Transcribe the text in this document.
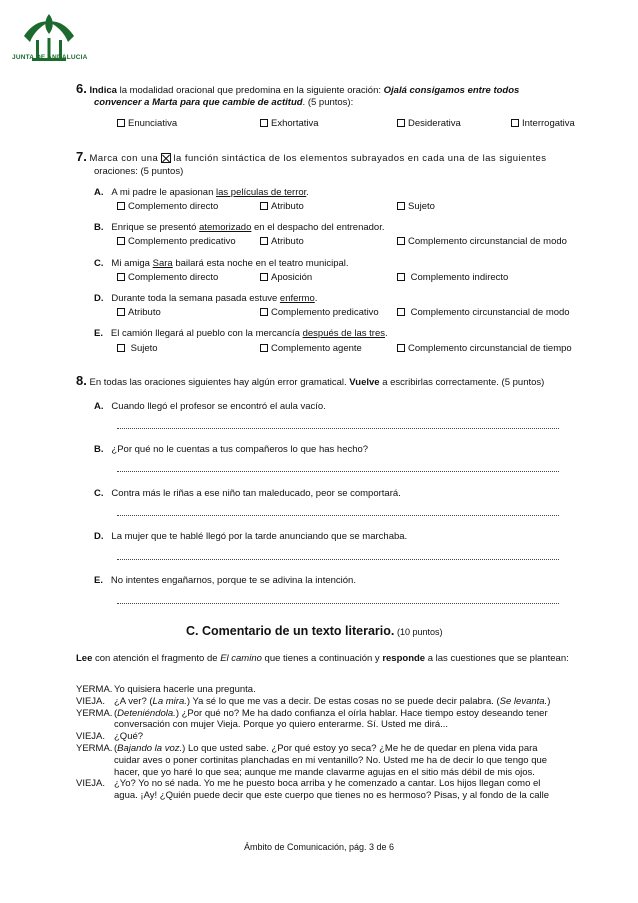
JUNTA DE ANDALUCIA
6. Indica la modalidad oracional que predomina en la siguiente oración: Ojalá consigamos entre todos
convencer a Marta para que cambie de actitud. (5 puntos):
Enunciativa	Exhortativa	Desiderativa	Interrogativa
7. Marca con una la función sintáctica de los elementos subrayados en cada una de las siguientes
oraciones: (5 puntos)
A. A mi padre le apasionan las películas de terror.
Complemento directo	Atributo	Sujeto
B. Enrique se presentó atemorizado en el despacho del entrenador.
Complemento predicativo	Atributo	Complemento circunstancial de modo
C. Mi amiga Sara bailará esta noche en el teatro municipal.
Complemento directo	Aposición	Complemento indirecto
D. Durante toda la semana pasada estuve enfermo.
Atributo	Complemento predicativo	Complemento circunstancial de modo
E. El camión llegará al pueblo con la mercancía después de las tres.
Sujeto	Complemento agente	Complemento circunstancial de tiempo
8. En todas las oraciones siguientes hay algún error gramatical. Vuelve a escribirlas correctamente. (5 puntos)
A. Cuando llegó el profesor se encontró el aula vacío.
B. ¿Por qué no le cuentas a tus compañeros lo que has hecho?
C. Contra más le riñas a ese niño tan maleducado, peor se comportará.
D. La mujer que te hablé llegó por la tarde anunciando que se marchaba.
E. No intentes engañarnos, porque te se adivina la intención.
C. Comentario de un texto literario. (10 puntos)
Lee con atención el fragmento de El camino que tienes a continuación y responde a las cuestiones que se plantean:
YERMA. Yo quisiera hacerle una pregunta.
VIEJA. ¿A ver? (La mira.) Ya sé lo que me vas a decir. De estas cosas no se puede decir palabra. (Se levanta.)
YERMA. (Deteniéndola.) ¿Por qué no? Me ha dado confianza el oírla hablar. Hace tiempo estoy deseando tener
conversación con mujer Vieja. Porque yo quiero enterarme. Sí. Usted me dirá...
VIEJA. ¿Qué?
YERMA. (Bajando la voz.) Lo que usted sabe. ¿Por qué estoy yo seca? ¿Me he de quedar en plena vida para
cuidar aves o poner cortinitas planchadas en mi ventanillo? No. Usted me ha de decir lo que tengo que
hacer, que yo haré lo que sea; aunque me mande clavarme agujas en el sitio más débil de mis ojos.
VIEJA. ¿Yo? Yo no sé nada. Yo me he puesto boca arriba y he comenzado a cantar. Los hijos llegan como el
agua. ¡Ay! ¿Quién puede decir que este cuerpo que tienes no es hermoso? Pisas, y al fondo de la calle
Ámbito de Comunicación, pág. 3 de 6
